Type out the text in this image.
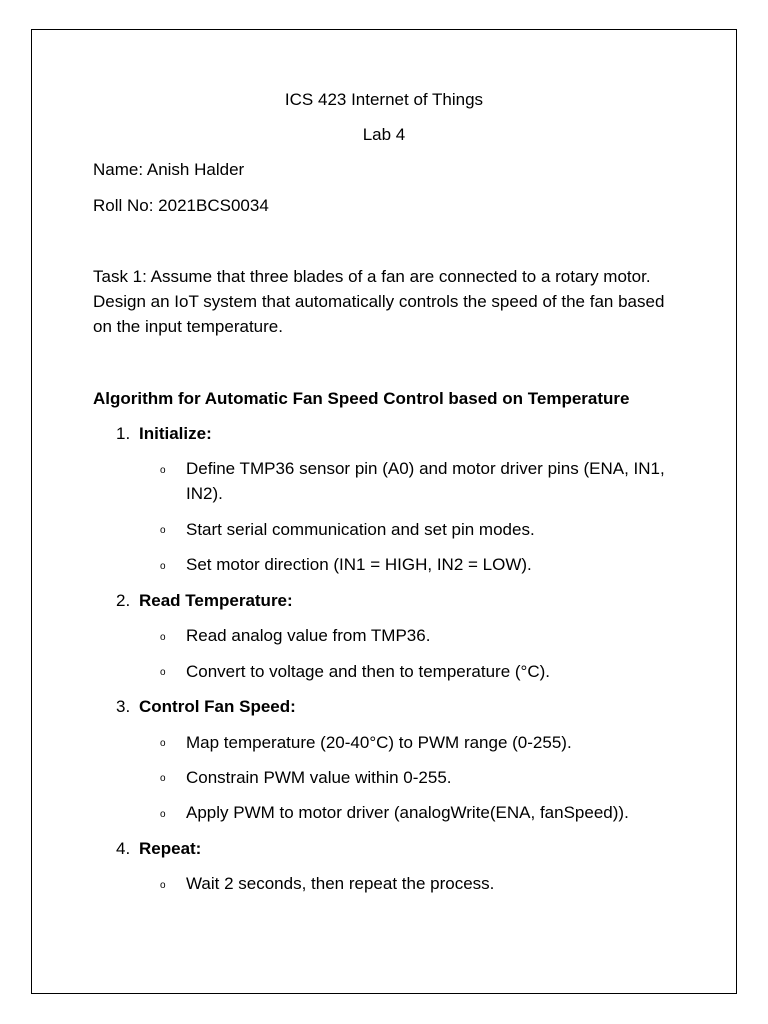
ICS 423 Internet of Things
Lab 4
Name: Anish Halder
Roll No: 2021BCS0034
Task 1: Assume that three blades of a fan are connected to a rotary motor. Design an IoT system that automatically controls the speed of the fan based on the input temperature.
Algorithm for Automatic Fan Speed Control based on Temperature
1. Initialize:
o Define TMP36 sensor pin (A0) and motor driver pins (ENA, IN1, IN2).
o Start serial communication and set pin modes.
o Set motor direction (IN1 = HIGH, IN2 = LOW).
2. Read Temperature:
o Read analog value from TMP36.
o Convert to voltage and then to temperature (°C).
3. Control Fan Speed:
o Map temperature (20-40°C) to PWM range (0-255).
o Constrain PWM value within 0-255.
o Apply PWM to motor driver (analogWrite(ENA, fanSpeed)).
4. Repeat:
o Wait 2 seconds, then repeat the process.
